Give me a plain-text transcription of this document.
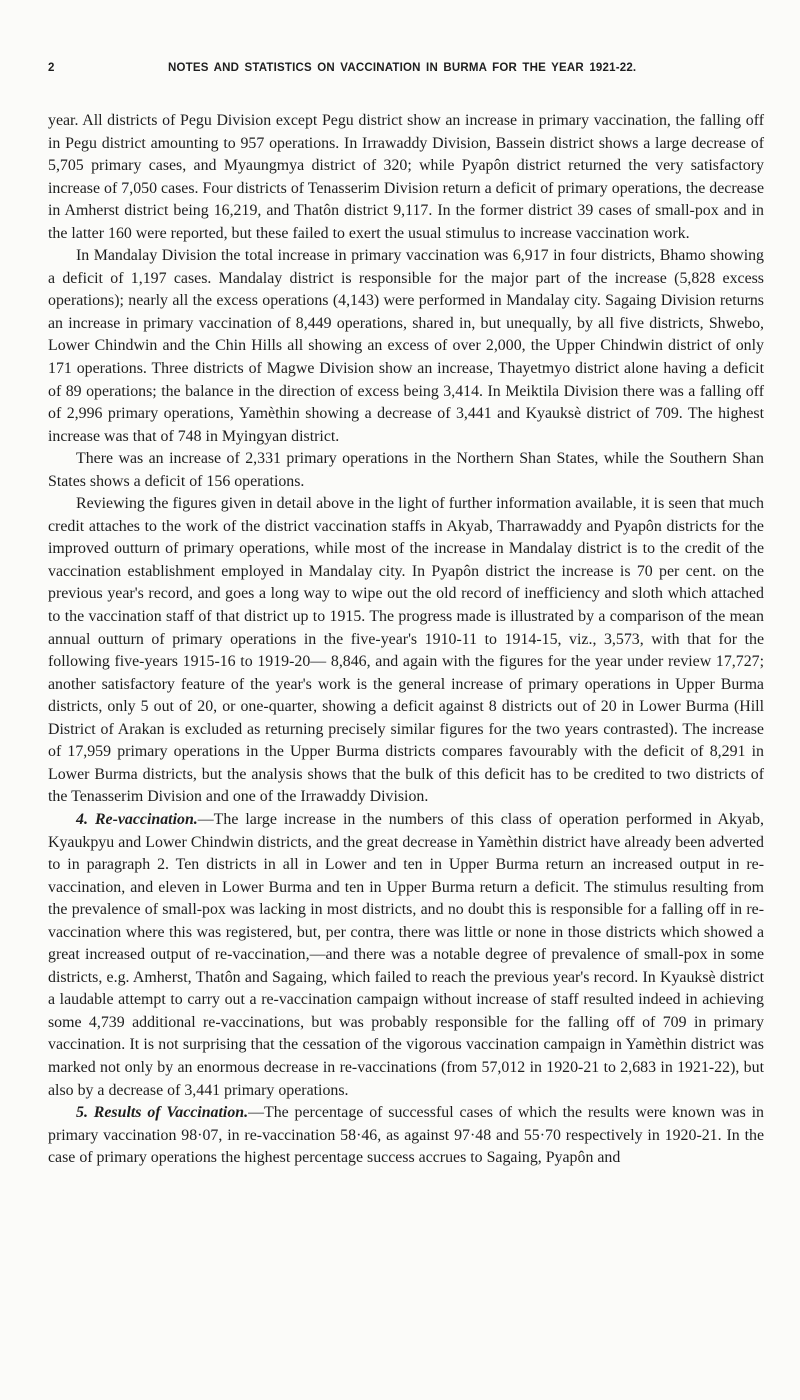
2	NOTES AND STATISTICS ON VACCINATION IN BURMA FOR THE YEAR 1921-22.

year. All districts of Pegu Division except Pegu district show an increase in primary vaccination, the falling off in Pegu district amounting to 957 operations. In Irrawaddy Division, Bassein district shows a large decrease of 5,705 primary cases, and Myaungmya district of 320; while Pyapôn district returned the very satisfactory increase of 7,050 cases. Four districts of Tenasserim Division return a deficit of primary operations, the decrease in Amherst district being 16,219, and Thatôn district 9,117. In the former district 39 cases of small-pox and in the latter 160 were reported, but these failed to exert the usual stimulus to increase vaccination work.

In Mandalay Division the total increase in primary vaccination was 6,917 in four districts, Bhamo showing a deficit of 1,197 cases. Mandalay district is responsible for the major part of the increase (5,828 excess operations); nearly all the excess operations (4,143) were performed in Mandalay city. Sagaing Division returns an increase in primary vaccination of 8,449 operations, shared in, but unequally, by all five districts, Shwebo, Lower Chindwin and the Chin Hills all showing an excess of over 2,000, the Upper Chindwin district of only 171 operations. Three districts of Magwe Division show an increase, Thayetmyo district alone having a deficit of 89 operations; the balance in the direction of excess being 3,414. In Meiktila Division there was a falling off of 2,996 primary operations, Yamèthin showing a decrease of 3,441 and Kyauksè district of 709. The highest increase was that of 748 in Myingyan district.

There was an increase of 2,331 primary operations in the Northern Shan States, while the Southern Shan States shows a deficit of 156 operations.

Reviewing the figures given in detail above in the light of further information available, it is seen that much credit attaches to the work of the district vaccination staffs in Akyab, Tharrawaddy and Pyapôn districts for the improved outturn of primary operations, while most of the increase in Mandalay district is to the credit of the vaccination establishment employed in Mandalay city. In Pyapôn district the increase is 70 per cent. on the previous year's record, and goes a long way to wipe out the old record of inefficiency and sloth which attached to the vaccination staff of that district up to 1915. The progress made is illustrated by a comparison of the mean annual outturn of primary operations in the five-year's 1910-11 to 1914-15, viz., 3,573, with that for the following five-years 1915-16 to 1919-20— 8,846, and again with the figures for the year under review 17,727; another satisfactory feature of the year's work is the general increase of primary operations in Upper Burma districts, only 5 out of 20, or one-quarter, showing a deficit against 8 districts out of 20 in Lower Burma (Hill District of Arakan is excluded as returning precisely similar figures for the two years contrasted). The increase of 17,959 primary operations in the Upper Burma districts compares favourably with the deficit of 8,291 in Lower Burma districts, but the analysis shows that the bulk of this deficit has to be credited to two districts of the Tenasserim Division and one of the Irrawaddy Division.

4. Re-vaccination.—The large increase in the numbers of this class of operation performed in Akyab, Kyaukpyu and Lower Chindwin districts, and the great decrease in Yamèthin district have already been adverted to in paragraph 2. Ten districts in all in Lower and ten in Upper Burma return an increased output in re-vaccination, and eleven in Lower Burma and ten in Upper Burma return a deficit. The stimulus resulting from the prevalence of small-pox was lacking in most districts, and no doubt this is responsible for a falling off in re-vaccination where this was registered, but, per contra, there was little or none in those districts which showed a great increased output of re-vaccination,—and there was a notable degree of prevalence of small-pox in some districts, e.g. Amherst, Thatôn and Sagaing, which failed to reach the previous year's record. In Kyauksè district a laudable attempt to carry out a re-vaccination campaign without increase of staff resulted indeed in achieving some 4,739 additional re-vaccinations, but was probably responsible for the falling off of 709 in primary vaccination. It is not surprising that the cessation of the vigorous vaccination campaign in Yamèthin district was marked not only by an enormous decrease in re-vaccinations (from 57,012 in 1920-21 to 2,683 in 1921-22), but also by a decrease of 3,441 primary operations.

5. Results of Vaccination.—The percentage of successful cases of which the results were known was in primary vaccination 98·07, in re-vaccination 58·46, as against 97·48 and 55·70 respectively in 1920-21. In the case of primary operations the highest percentage success accrues to Sagaing, Pyapôn and
